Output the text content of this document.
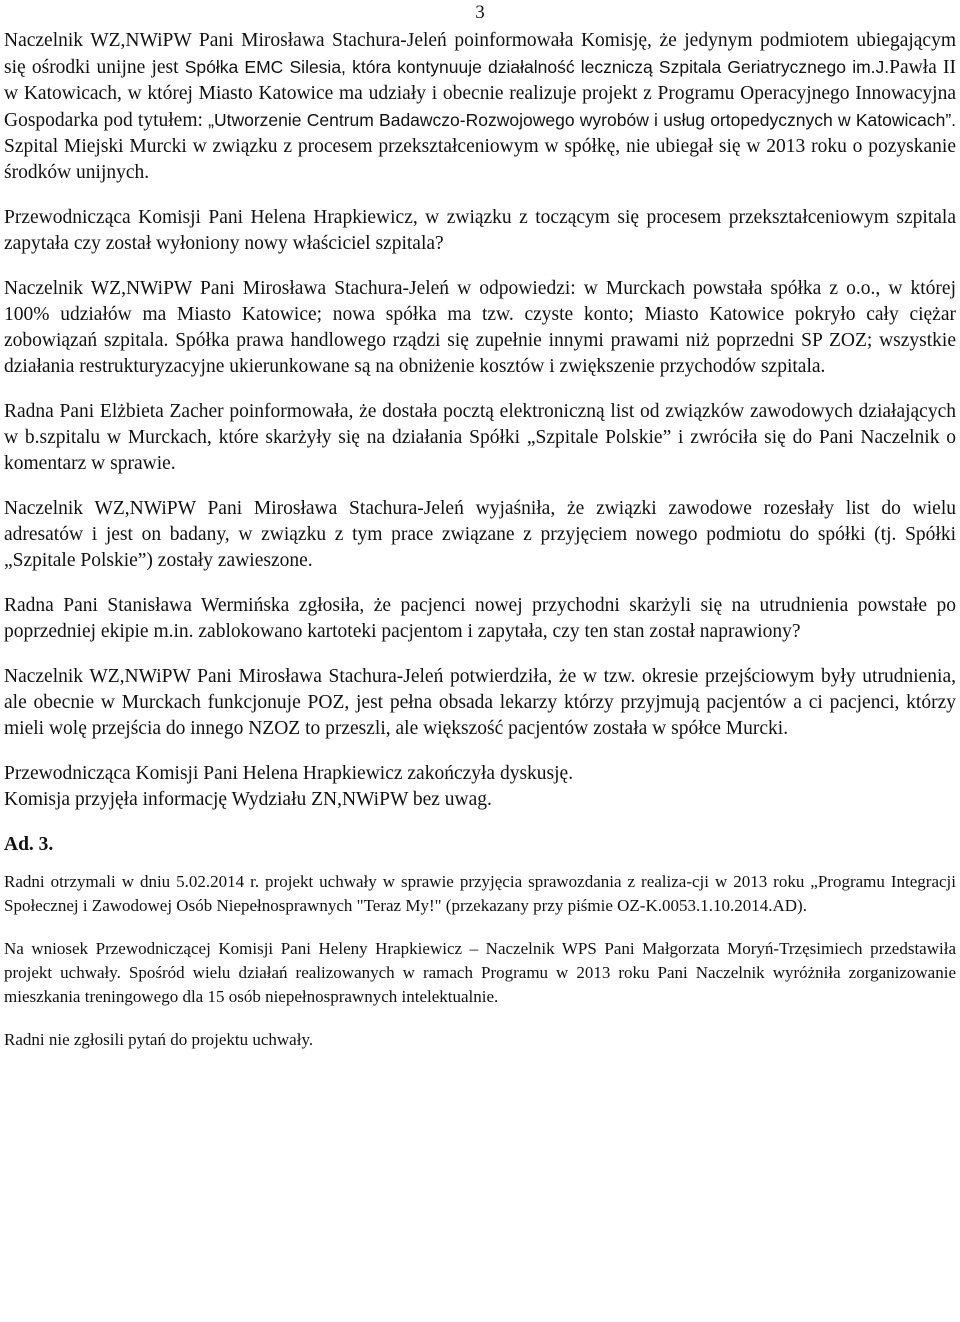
3

Naczelnik WZ,NWiPW Pani Mirosława Stachura-Jeleń poinformowała Komisję, że jedynym podmiotem ubiegającym się ośrodki unijne jest Spółka EMC Silesia, która kontynuuje działalność leczniczą Szpitala Geriatrycznego im.J.Pawła II w Katowicach, w której Miasto Katowice ma udziały i obecnie realizuje projekt z Programu Operacyjnego Innowacyjna Gospodarka pod tytułem: „Utworzenie Centrum Badawczo-Rozwojowego wyrobów i usług ortopedycznych w Katowicach”. Szpital Miejski Murcki w związku z procesem przekształceniowym w spółkę, nie ubiegał się w 2013 roku o pozyskanie środków unijnych.

Przewodnicząca Komisji Pani Helena Hrapkiewicz, w związku z toczącym się procesem przekształceniowym szpitala zapytała czy został wyłoniony nowy właściciel szpitala?

Naczelnik WZ,NWiPW Pani Mirosława Stachura-Jeleń w odpowiedzi: w Murckach powstała spółka z o.o., w której 100% udziałów ma Miasto Katowice; nowa spółka ma tzw. czyste konto; Miasto Katowice pokryło cały ciężar zobowiązań szpitala. Spółka prawa handlowego rządzi się zupełnie innymi prawami niż poprzedni SP ZOZ; wszystkie działania restrukturyzacyjne ukierunkowane są na obniżenie kosztów i zwiększenie przychodów szpitala.

Radna Pani Elżbieta Zacher poinformowała, że dostała pocztą elektroniczną list od związków zawodowych działających w b.szpitalu w Murckach, które skarżyły się na działania Spółki „Szpitale Polskie” i zwróciła się do Pani Naczelnik o komentarz w sprawie.

Naczelnik WZ,NWiPW Pani Mirosława Stachura-Jeleń wyjaśniła, że związki zawodowe rozesłały list do wielu adresatów i jest on badany, w związku z tym prace związane z przyjęciem nowego podmiotu do spółki (tj. Spółki „Szpitale Polskie”) zostały zawieszone.

Radna Pani Stanisława Wermińska zgłosiła, że pacjenci nowej przychodni skarżyli się na utrudnienia powstałe po poprzedniej ekipie m.in. zablokowano kartoteki pacjentom i zapytała, czy ten stan został naprawiony?

Naczelnik WZ,NWiPW Pani Mirosława Stachura-Jeleń potwierdziła, że w tzw. okresie przejściowym były utrudnienia, ale obecnie w Murckach funkcjonuje POZ, jest pełna obsada lekarzy którzy przyjmują pacjentów a ci pacjenci, którzy mieli wolę przejścia do innego NZOZ to przeszli, ale większość pacjentów została w spółce Murcki.

Przewodnicząca Komisji Pani Helena Hrapkiewicz zakończyła dyskusję.

Komisja przyjęła informację Wydziału ZN,NWiPW bez uwag.

Ad. 3.

Radni otrzymali w dniu 5.02.2014 r. projekt uchwały w sprawie przyjęcia sprawozdania z realiza-cji w 2013 roku „Programu Integracji Społecznej i Zawodowej Osób Niepełnosprawnych "Teraz My!" (przekazany przy piśmie OZ-K.0053.1.10.2014.AD).

Na wniosek Przewodniczącej Komisji Pani Heleny Hrapkiewicz – Naczelnik WPS Pani Małgorzata Moryń-Trzęsimiech przedstawiła projekt uchwały. Spośród wielu działań realizowanych w ramach Programu w 2013 roku Pani Naczelnik wyróżniła zorganizowanie mieszkania treningowego dla 15 osób niepełnosprawnych intelektualnie.

Radni nie zgłosili pytań do projektu uchwały.
